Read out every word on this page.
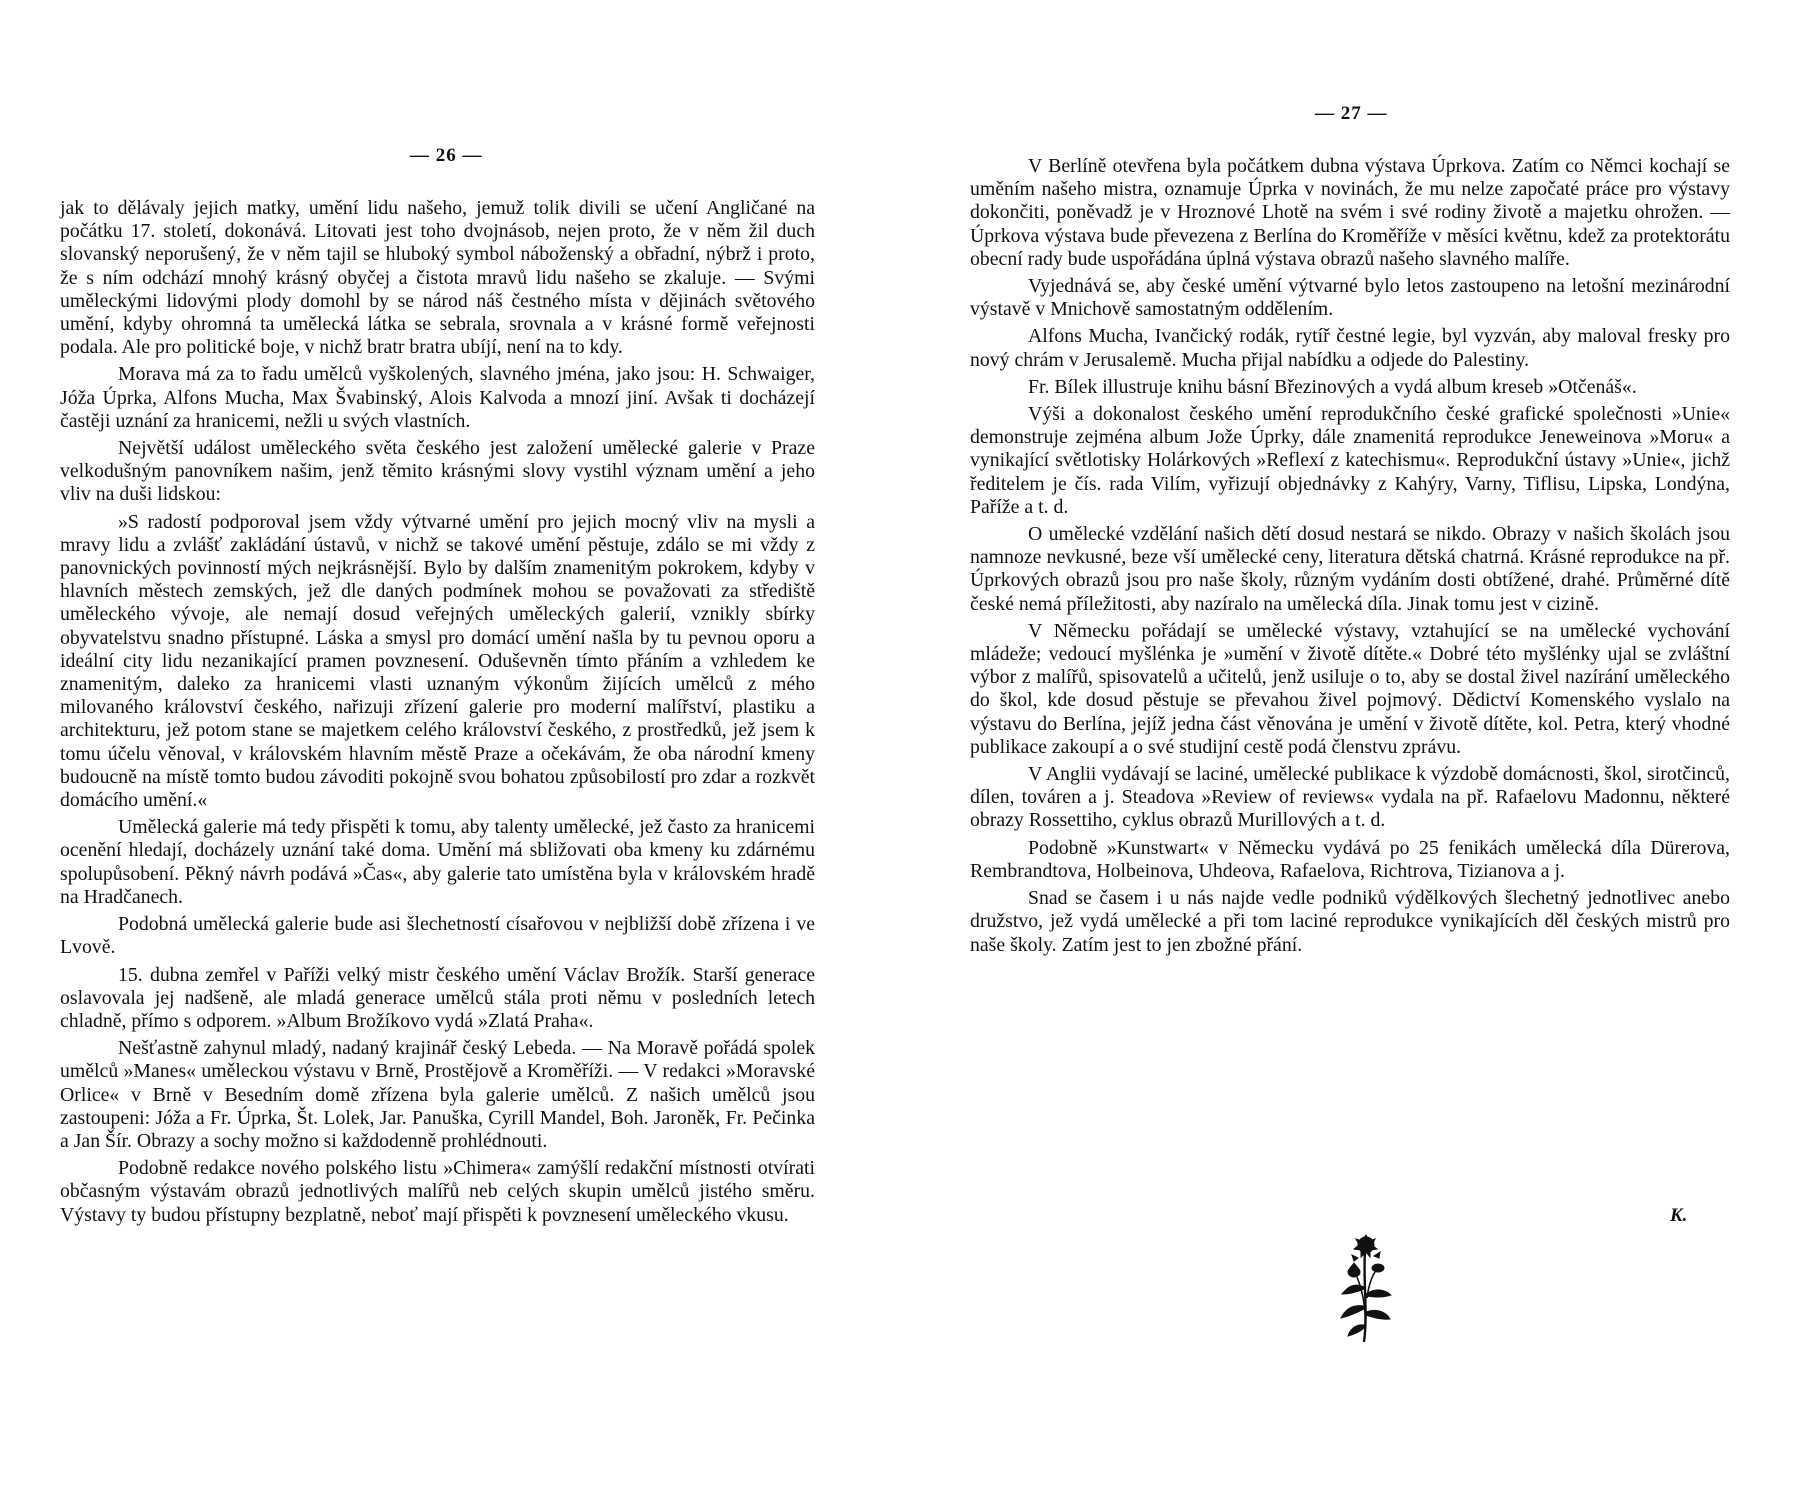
— 26 —

jak to dělávaly jejich matky, umění lidu našeho, jemuž tolik divili se učení Angličané na počátku 17. století, dokonává. Litovati jest toho dvojnásob, nejen proto, že v něm žil duch slovanský neporušený, že v něm tajil se hluboký symbol náboženský a obřadní, nýbrž i proto, že s ním odchází mnohý krásný obyčej a čistota mravů lidu našeho se zkaluje. — Svými uměleckými lidovými plody domohl by se národ náš čestného místa v dějinách světového umění, kdyby ohromná ta umělecká látka se sebrala, srovnala a v krásné formě veřejnosti podala. Ale pro politické boje, v nichž bratr bratra ubíjí, není na to kdy.

Morava má za to řadu umělců vyškolených, slavného jména, jako jsou: H. Schwaiger, Jóža Úprka, Alfons Mucha, Max Švabinský, Alois Kalvoda a mnozí jiní. Avšak ti docházejí častěji uznání za hranicemi, nežli u svých vlastních.

Největší událost uměleckého světa českého jest založení umělecké galerie v Praze velkodušným panovníkem našim, jenž těmito krásnými slovy vystihl význam umění a jeho vliv na duši lidskou:

»S radostí podporoval jsem vždy výtvarné umění pro jejich mocný vliv na mysli a mravy lidu a zvlášť zakládání ústavů, v nichž se takové umění pěstuje, zdálo se mi vždy z panovnických povinností mých nejkrásnější. Bylo by dalším znamenitým pokrokem, kdyby v hlavních městech zemských, jež dle daných podmínek mohou se považovati za střediště uměleckého vývoje, ale nemají dosud veřejných uměleckých galerií, vznikly sbírky obyvatelstvu snadno přístupné. Láska a smysl pro domácí umění našla by tu pevnou oporu a ideální city lidu nezanikající pramen povznesení. Oduševněn tímto přáním a vzhledem ke znamenitým, daleko za hranicemi vlasti uznaným výkonům žijících umělců z mého milovaného království českého, nařizuji zřízení galerie pro moderní malířství, plastiku a architekturu, jež potom stane se majetkem celého království českého, z prostředků, jež jsem k tomu účelu věnoval, v královském hlavním městě Praze a očekávám, že oba národní kmeny budoucně na místě tomto budou závoditi pokojně svou bohatou způsobilostí pro zdar a rozkvět domácího umění.«

Umělecká galerie má tedy přispěti k tomu, aby talenty umělecké, jež často za hranicemi ocenění hledají, docházely uznání také doma. Umění má sbližovati oba kmeny ku zdárnému spolupůsobení. Pěkný návrh podává »Čas«, aby galerie tato umístěna byla v královském hradě na Hradčanech.

Podobná umělecká galerie bude asi šlechetností císařovou v nejbližší době zřízena i ve Lvově.

15. dubna zemřel v Paříži velký mistr českého umění Václav Brožík. Starší generace oslavovala jej nadšeně, ale mladá generace umělců stála proti němu v posledních letech chladně, přímo s odporem. »Album Brožíkovo vydá »Zlatá Praha«.

Nešťastně zahynul mladý, nadaný krajinář český Lebeda. — Na Moravě pořádá spolek umělců »Manes« uměleckou výstavu v Brně, Prostějově a Kroměříži. — V redakci »Moravské Orlice« v Brně v Besedním domě zřízena byla galerie umělců. Z našich umělců jsou zastoupeni: Jóža a Fr. Úprka, Št. Lolek, Jar. Panuška, Cyrill Mandel, Boh. Jaroněk, Fr. Pečinka a Jan Šír. Obrazy a sochy možno si každodenně prohlédnouti.

Podobně redakce nového polského listu »Chimera« zamýšlí redakční místnosti otvírati občasným výstavám obrazů jednotlivých malířů neb celých skupin umělců jistého směru. Výstavy ty budou přístupny bezplatně, neboť mají přispěti k povznesení uměleckého vkusu.

— 27 —

V Berlíně otevřena byla počátkem dubna výstava Úprkova. Zatím co Němci kochají se uměním našeho mistra, oznamuje Úprka v novinách, že mu nelze započaté práce pro výstavy dokončiti, poněvadž je v Hroznové Lhotě na svém i své rodiny životě a majetku ohrožen. — Úprkova výstava bude převezena z Berlína do Kroměříže v měsíci květnu, kdež za protektorátu obecní rady bude uspořádána úplná výstava obrazů našeho slavného malíře.

Vyjednává se, aby české umění výtvarné bylo letos zastoupeno na letošní mezinárodní výstavě v Mnichově samostatným oddělením.

Alfons Mucha, Ivančický rodák, rytíř čestné legie, byl vyzván, aby maloval fresky pro nový chrám v Jerusalemě. Mucha přijal nabídku a odjede do Palestiny.

Fr. Bílek illustruje knihu básní Březinových a vydá album kreseb »Otčenáš«.

Výši a dokonalost českého umění reprodukčního české grafické společnosti »Unie« demonstruje zejména album Jože Úprky, dále znamenitá reprodukce Jeneweinova »Moru« a vynikající světlotisky Holárkových »Reflexí z katechismu«. Reprodukční ústavy »Unie«, jichž ředitelem je čís. rada Vilím, vyřizují objednávky z Kahýry, Varny, Tiflisu, Lipska, Londýna, Paříže a t. d.

O umělecké vzdělání našich dětí dosud nestará se nikdo. Obrazy v našich školách jsou namnoze nevkusné, beze vší umělecké ceny, literatura dětská chatrná. Krásné reprodukce na př. Úprkových obrazů jsou pro naše školy, různým vydáním dosti obtížené, drahé. Průměrné dítě české nemá příležitosti, aby nazíralo na umělecká díla. Jinak tomu jest v cizině.

V Německu pořádají se umělecké výstavy, vztahující se na umělecké vychování mládeže; vedoucí myšlénka je »umění v životě dítěte.« Dobré této myšlénky ujal se zvláštní výbor z malířů, spisovatelů a učitelů, jenž usiluje o to, aby se dostal živel nazírání uměleckého do škol, kde dosud pěstuje se převahou živel pojmový. Dědictví Komenského vyslalo na výstavu do Berlína, jejíž jedna část věnována je umění v životě dítěte, kol. Petra, který vhodné publikace zakoupí a o své studijní cestě podá členstvu zprávu.

V Anglii vydávají se laciné, umělecké publikace k výzdobě domácnosti, škol, sirotčinců, dílen, továren a j. Steadova »Review of reviews« vydala na př. Rafaelovu Madonnu, některé obrazy Rossettiho, cyklus obrazů Murillových a t. d.

Podobně »Kunstwart« v Německu vydává po 25 fenikách umělecká díla Dürerova, Rembrandtova, Holbeinova, Uhdeova, Rafaelova, Richtrova, Tizianova a j.

Snad se časem i u nás najde vedle podniků výdělkových šlechetný jednotlivec anebo družstvo, jež vydá umělecké a při tom laciné reprodukce vynikajících děl českých mistrů pro naše školy. Zatím jest to jen zbožné přání.

K.
